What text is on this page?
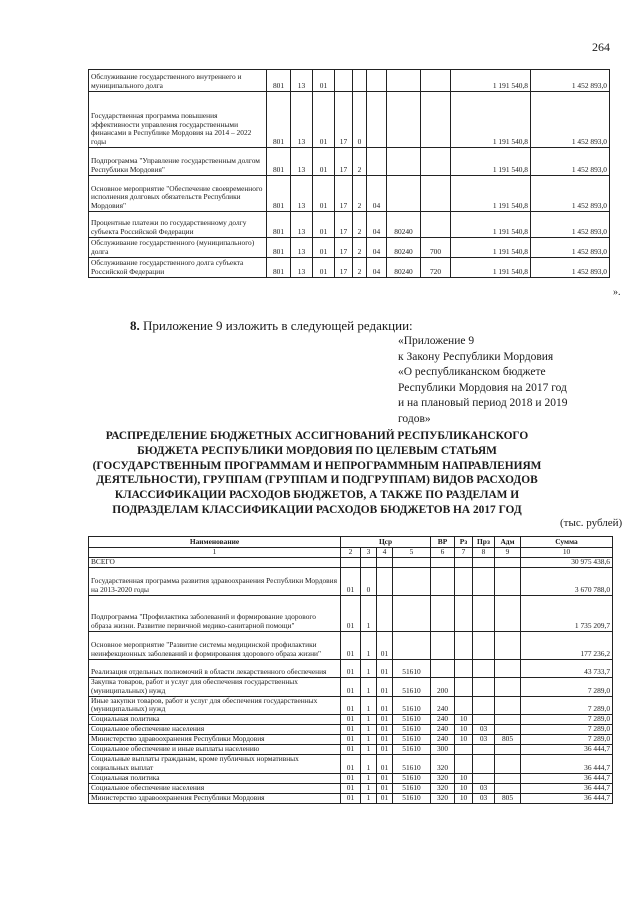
264
Обслуживание государственного внутреннего и муниципального долга	801	13	01						1 191 540,8	1 452 893,0
Государственная программа повышения эффективности управления государственными финансами в Республике Мордовия на 2014 – 2022 годы	801	13	01	17	0				1 191 540,8	1 452 893,0
Подпрограмма "Управление государственным долгом Республики Мордовия"	801	13	01	17	2				1 191 540,8	1 452 893,0
Основное мероприятие "Обеспечение своевременного исполнения долговых обязательств Республики Мордовия"	801	13	01	17	2	04			1 191 540,8	1 452 893,0
Процентные платежи по государственному долгу субъекта Российской Федерации	801	13	01	17	2	04	80240		1 191 540,8	1 452 893,0
Обслуживание государственного (муниципального) долга	801	13	01	17	2	04	80240	700	1 191 540,8	1 452 893,0
Обслуживание государственного долга субъекта Российской Федерации	801	13	01	17	2	04	80240	720	1 191 540,8	1 452 893,0
».
8. Приложение 9 изложить в следующей редакции:
«Приложение 9
к Закону Республики Мордовия
«О республиканском бюджете
Республики Мордовия на 2017 год
и на плановый период 2018 и 2019
годов»
РАСПРЕДЕЛЕНИЕ БЮДЖЕТНЫХ АССИГНОВАНИЙ РЕСПУБЛИКАНСКОГО
БЮДЖЕТА РЕСПУБЛИКИ МОРДОВИЯ ПО ЦЕЛЕВЫМ СТАТЬЯМ
(ГОСУДАРСТВЕННЫМ ПРОГРАММАМ И НЕПРОГРАММНЫМ НАПРАВЛЕНИЯМ
ДЕЯТЕЛЬНОСТИ), ГРУППАМ (ГРУППАМ И ПОДГРУППАМ) ВИДОВ РАСХОДОВ
КЛАССИФИКАЦИИ РАСХОДОВ БЮДЖЕТОВ, А ТАКЖЕ ПО РАЗДЕЛАМ И
ПОДРАЗДЕЛАМ КЛАССИФИКАЦИИ РАСХОДОВ БЮДЖЕТОВ НА 2017 ГОД
(тыс. рублей)
Наименование	Цср				ВР	Рз	Прз	Адм	Сумма
1	2	3	4	5	6	7	8	9	10
ВСЕГО									30 975 438,6
Государственная программа развития здравоохранения Республики Мордовия на 2013-2020 годы	01	0							3 670 788,0
Подпрограмма "Профилактика заболеваний и формирование здорового образа жизни. Развитие первичной медико-санитарной помощи"	01	1							1 735 209,7
Основное мероприятие "Развитие системы медицинской профилактики неинфекционных заболеваний и формирования здорового образа жизни"	01	1	01						177 236,2
Реализация отдельных полномочий в области лекарственного обеспечения	01	1	01	51610					43 733,7
Закупка товаров, работ и услуг для обеспечения государственных (муниципальных) нужд	01	1	01	51610	200				7 289,0
Иные закупки товаров, работ и услуг для обеспечения государственных (муниципальных) нужд	01	1	01	51610	240				7 289,0
Социальная политика	01	1	01	51610	240	10			7 289,0
Социальное обеспечение населения	01	1	01	51610	240	10	03		7 289,0
Министерство здравоохранения Республики Мордовия	01	1	01	51610	240	10	03	805	7 289,0
Социальное обеспечение и иные выплаты населению	01	1	01	51610	300				36 444,7
Социальные выплаты гражданам, кроме публичных нормативных социальных выплат	01	1	01	51610	320				36 444,7
Социальная политика	01	1	01	51610	320	10			36 444,7
Социальное обеспечение населения	01	1	01	51610	320	10	03		36 444,7
Министерство здравоохранения Республики Мордовия	01	1	01	51610	320	10	03	805	36 444,7
